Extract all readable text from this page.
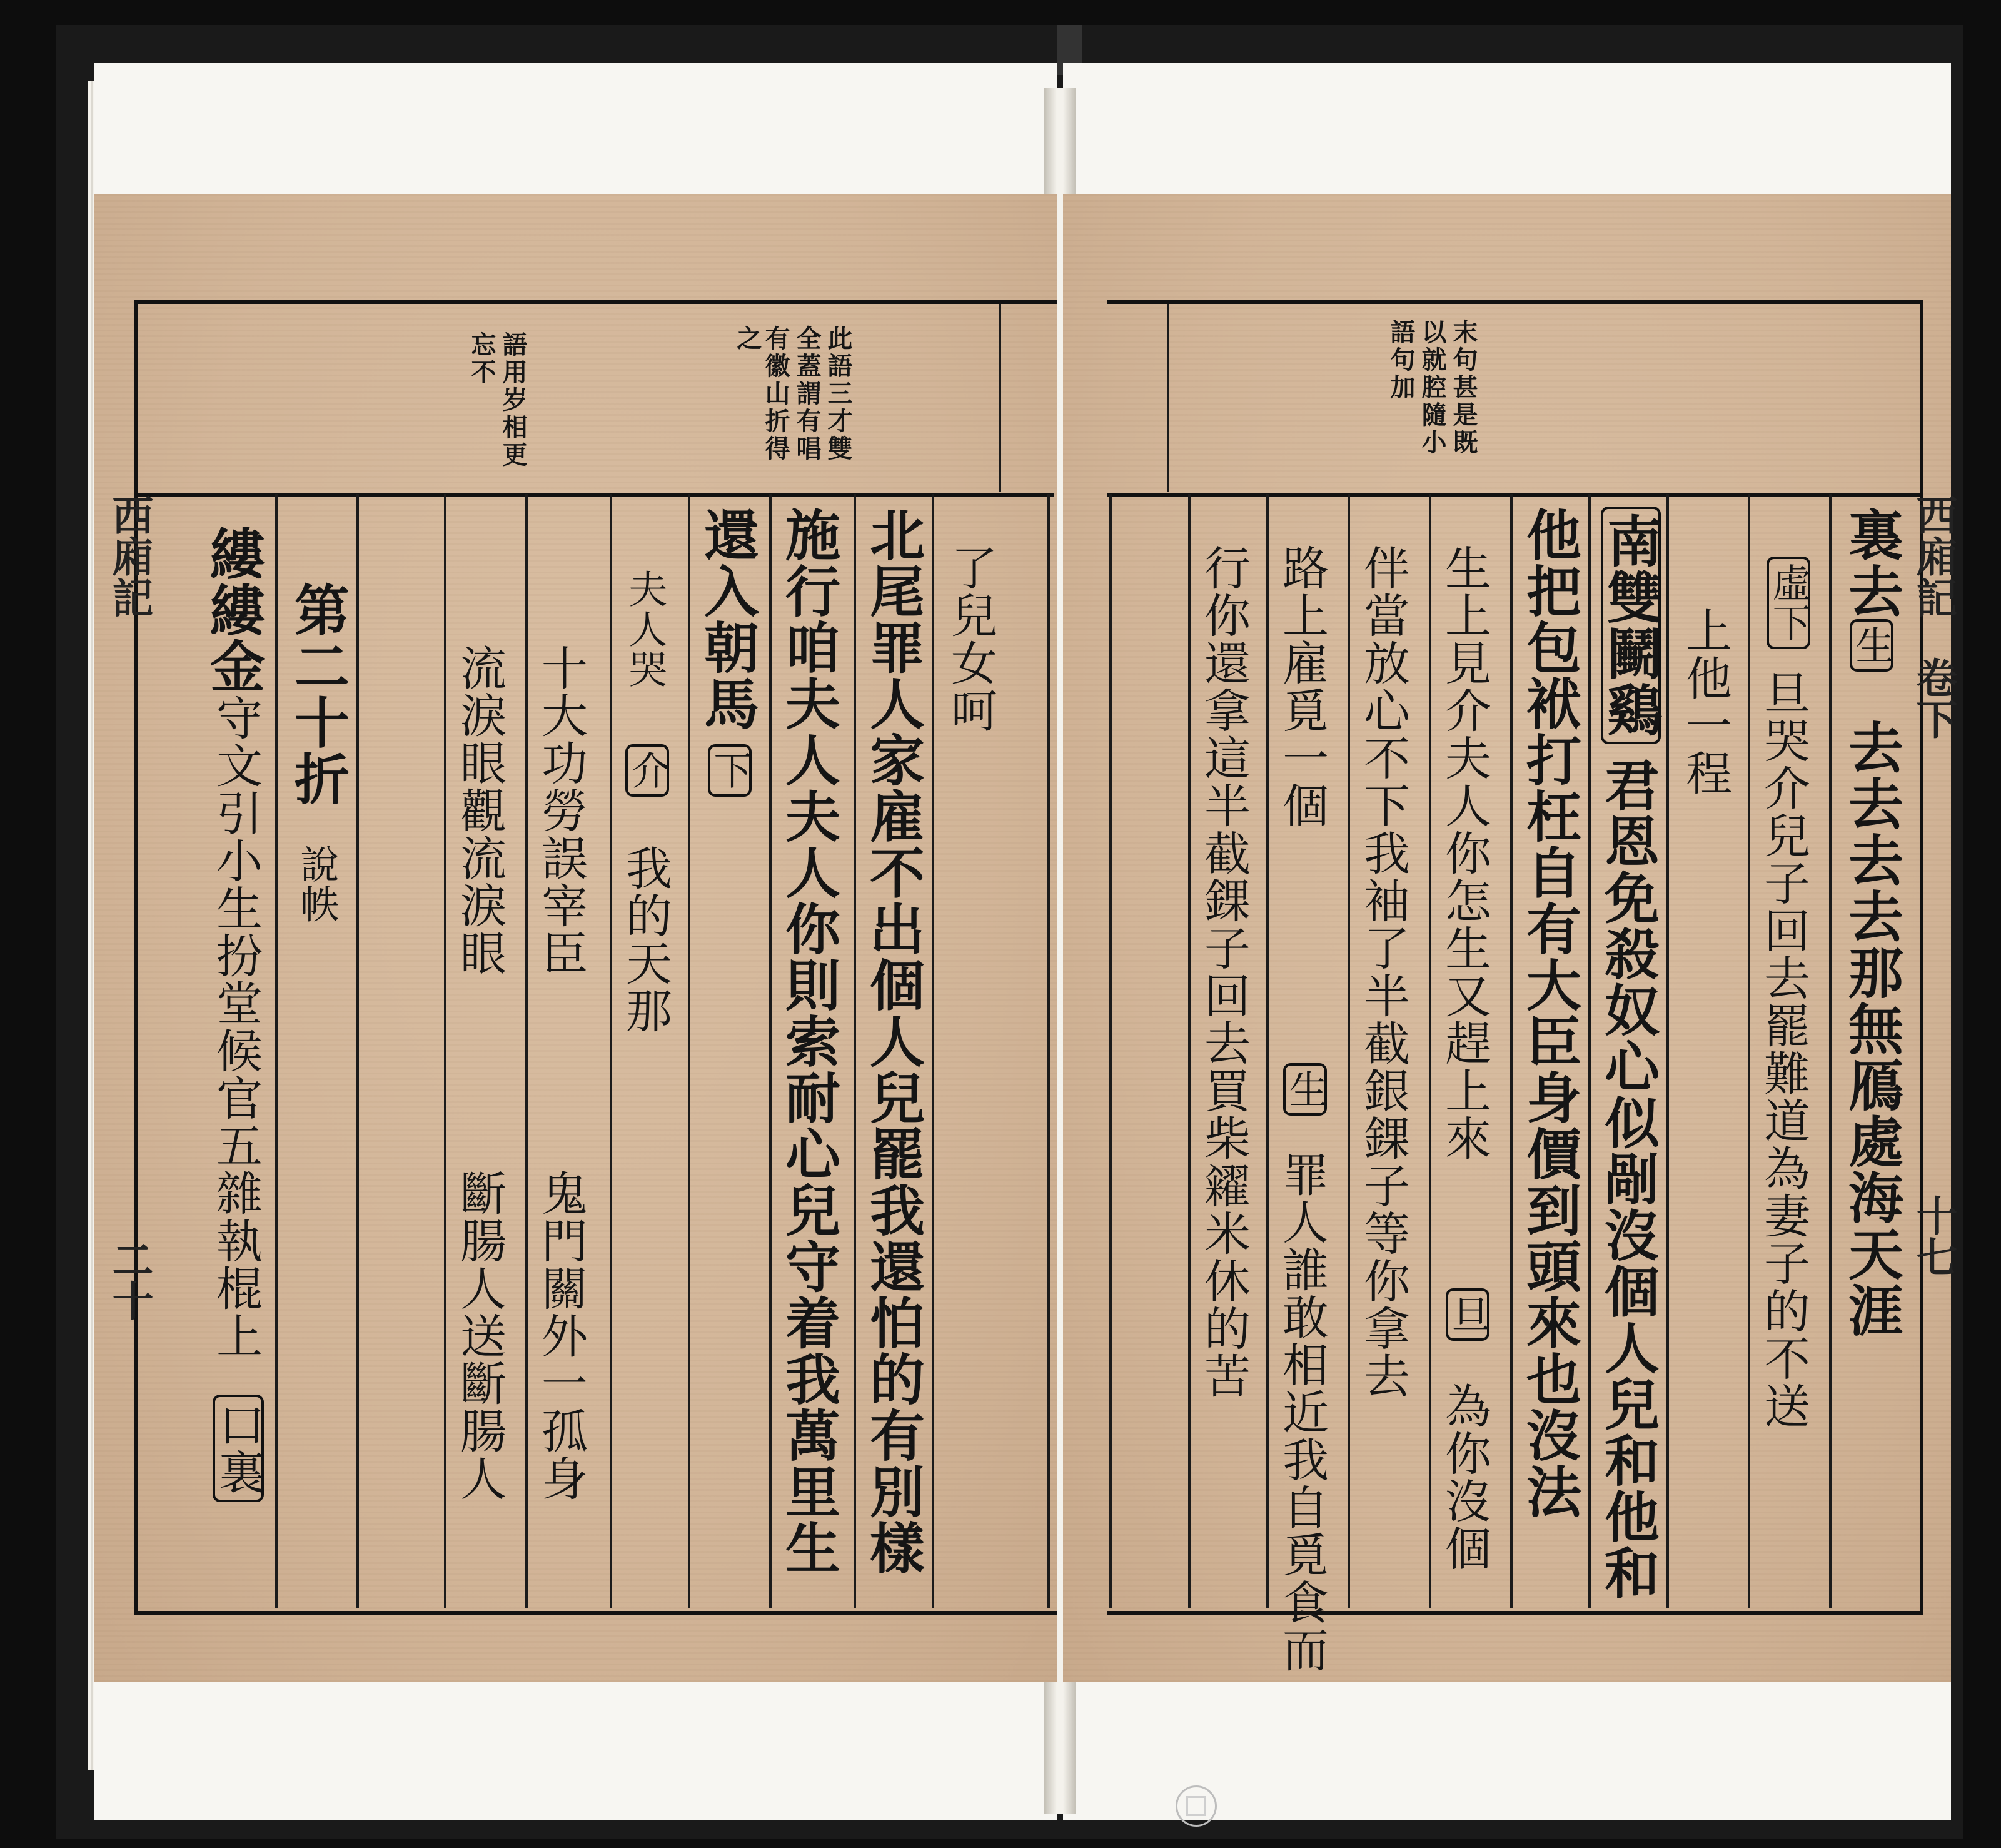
此語三才雙
全蓋謂有唱
有徽山折得
之
語用岁相更
忘不
了兒女呵
北尾罪人家雇不出個人兒罷我還怕的有別樣
施行咱夫人夫人你則索耐心兒守着我萬里生
還入朝馬
下
夫人哭
介
我的天那
十大功勞誤宰臣
鬼門關外一孤身
流淚眼觀流淚眼
斷腸人送斷腸人
第二十折
說帙
縷縷金
守文引小生扮堂候官五雜執棍上
口裏
西廂記
二十
末句甚是既
以就腔隨小
語句加
裏去
生
去去去去那無鴈處海天涯
虛下
旦哭介兒子回去罷難道為妻子的不送
上他一程
南雙鬭鷄
君恩免殺奴心似剮沒個人兒和他和
他把包袱打枉自有大臣身價到頭來也沒法
生上見介夫人你怎生又趕上來
旦
為你沒個
伴當放心不下我袖了半截銀錁子等你拿去
路上雇覓一個
生
罪人誰敢相近我自覓食而
行你還拿這半截錁子回去買柴糴米休的苦	西廂記
卷下
十七
